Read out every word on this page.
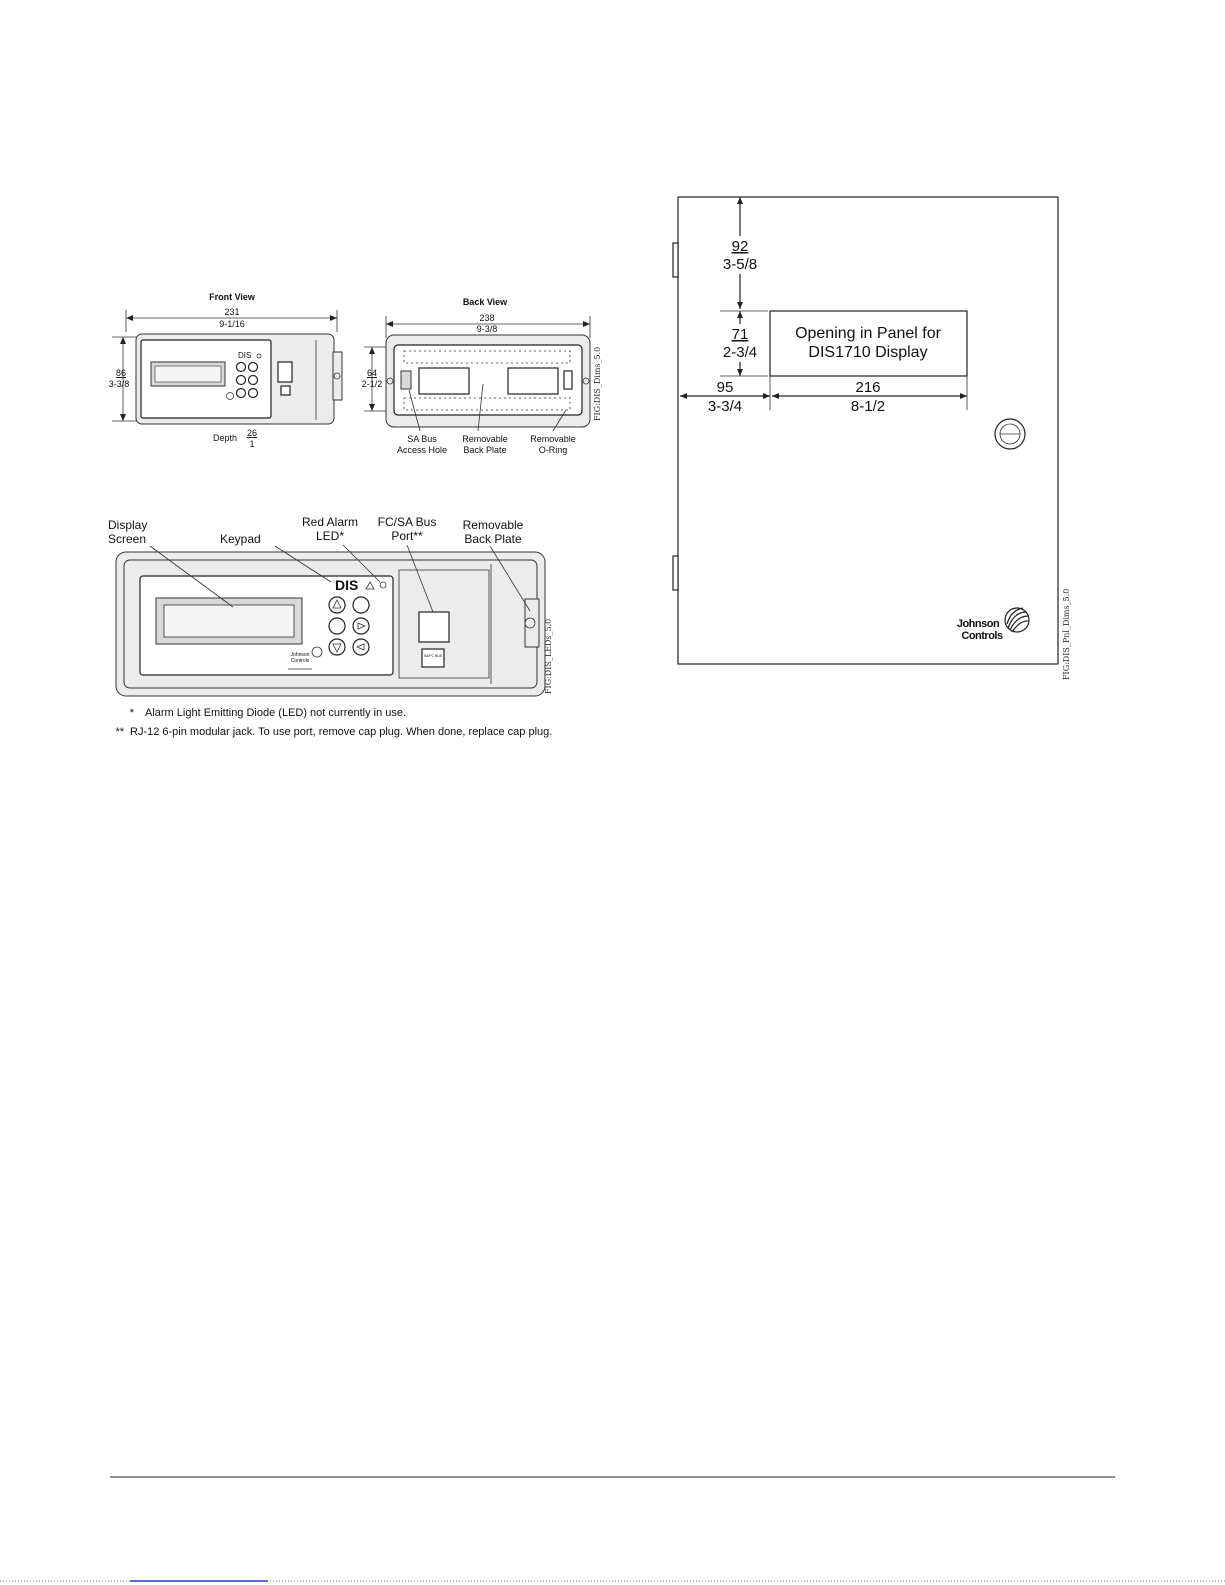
Front View
231
9-1/16
86
3-3/8
DIS
Depth 26
1
Back View
238
9-3/8
64
2-1/2	FIG:DIS_Dims_5.0
SA Bus
Access Hole
Removable
Back Plate
Removable
O-Ring
DIS
Johnson
Controls
SA/FC BUS	FIG:DIS_LEDs_5.0
Display
Screen	Keypad
Red Alarm
LED*
FC/SA Bus
Port**
Removable
Back Plate
* Alarm Light Emitting Diode (LED) not currently in use.
** RJ-12 6-pin modular jack. To use port, remove cap plug. When done, replace cap plug.
92
3-5/8
71
2-3/4
Opening in Panel for
DIS1710 Display
95
3-3/4
216
8-1/2
Johnson
Controls	FIG:DIS_Pnl_Dims_5.0
